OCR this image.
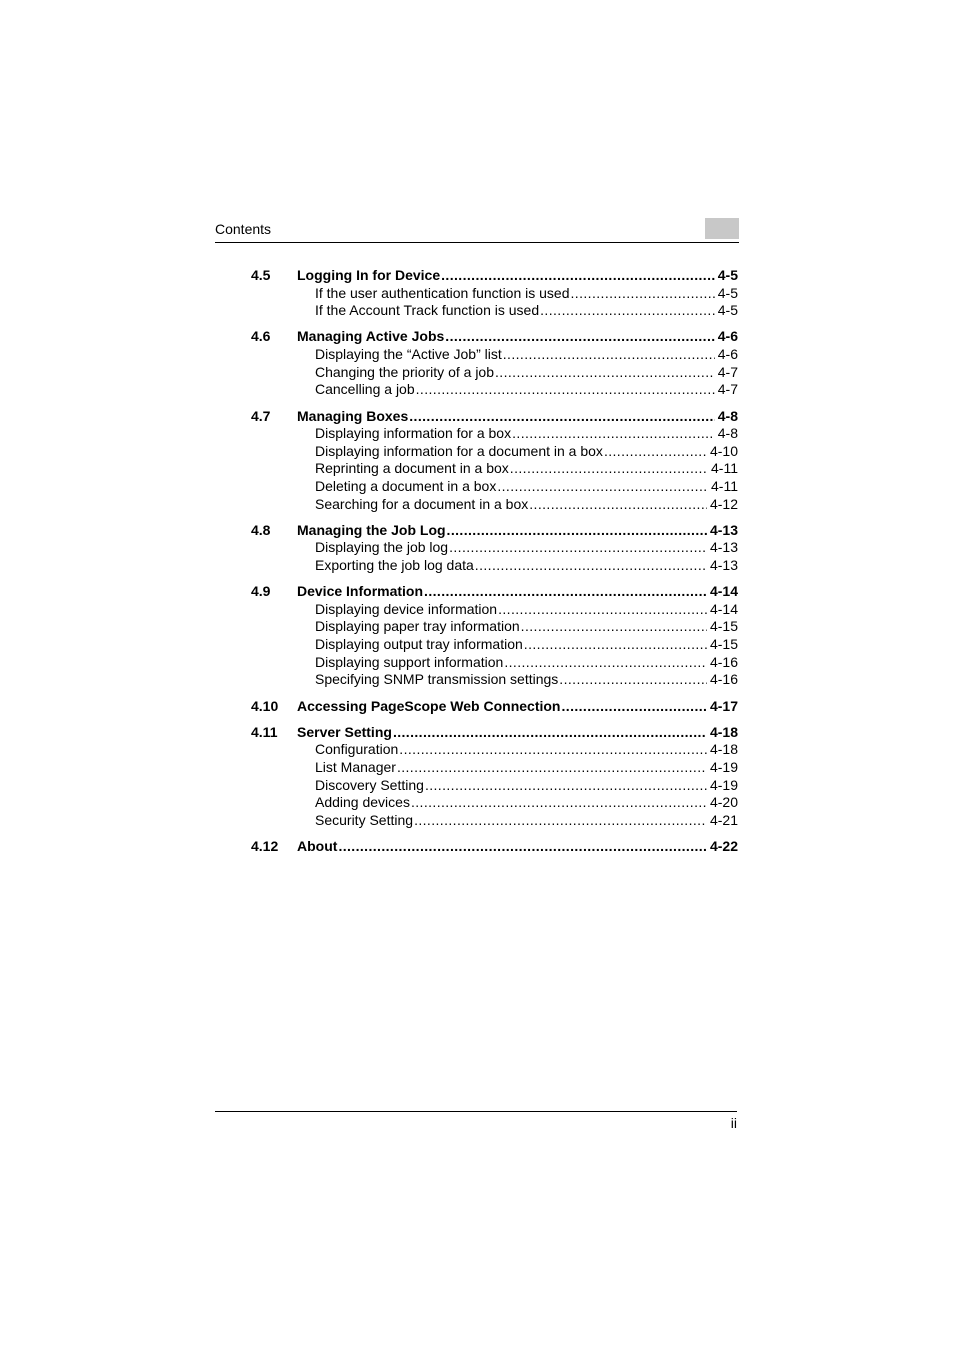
Contents
4.5 Logging In for Device .....	4-5
If the user authentication function is used .....	4-5
If the Account Track function is used .....	4-5
4.6 Managing Active Jobs .....	4-6
Displaying the “Active Job” list .....	4-6
Changing the priority of a job .....	4-7
Cancelling a job .....	4-7
4.7 Managing Boxes .....	4-8
Displaying information for a box .....	4-8
Displaying information for a document in a box .....	4-10
Reprinting a document in a box .....	4-11
Deleting a document in a box .....	4-11
Searching for a document in a box .....	4-12
4.8 Managing the Job Log .....	4-13
Displaying the job log .....	4-13
Exporting the job log data .....	4-13
4.9 Device Information .....	4-14
Displaying device information .....	4-14
Displaying paper tray information .....	4-15
Displaying output tray information .....	4-15
Displaying support information .....	4-16
Specifying SNMP transmission settings .....	4-16
4.10 Accessing PageScope Web Connection .....	4-17
4.11 Server Setting .....	4-18
Configuration .....	4-18
List Manager .....	4-19
Discovery Setting .....	4-19
Adding devices .....	4-20
Security Setting .....	4-21
4.12 About .....	4-22
ii
